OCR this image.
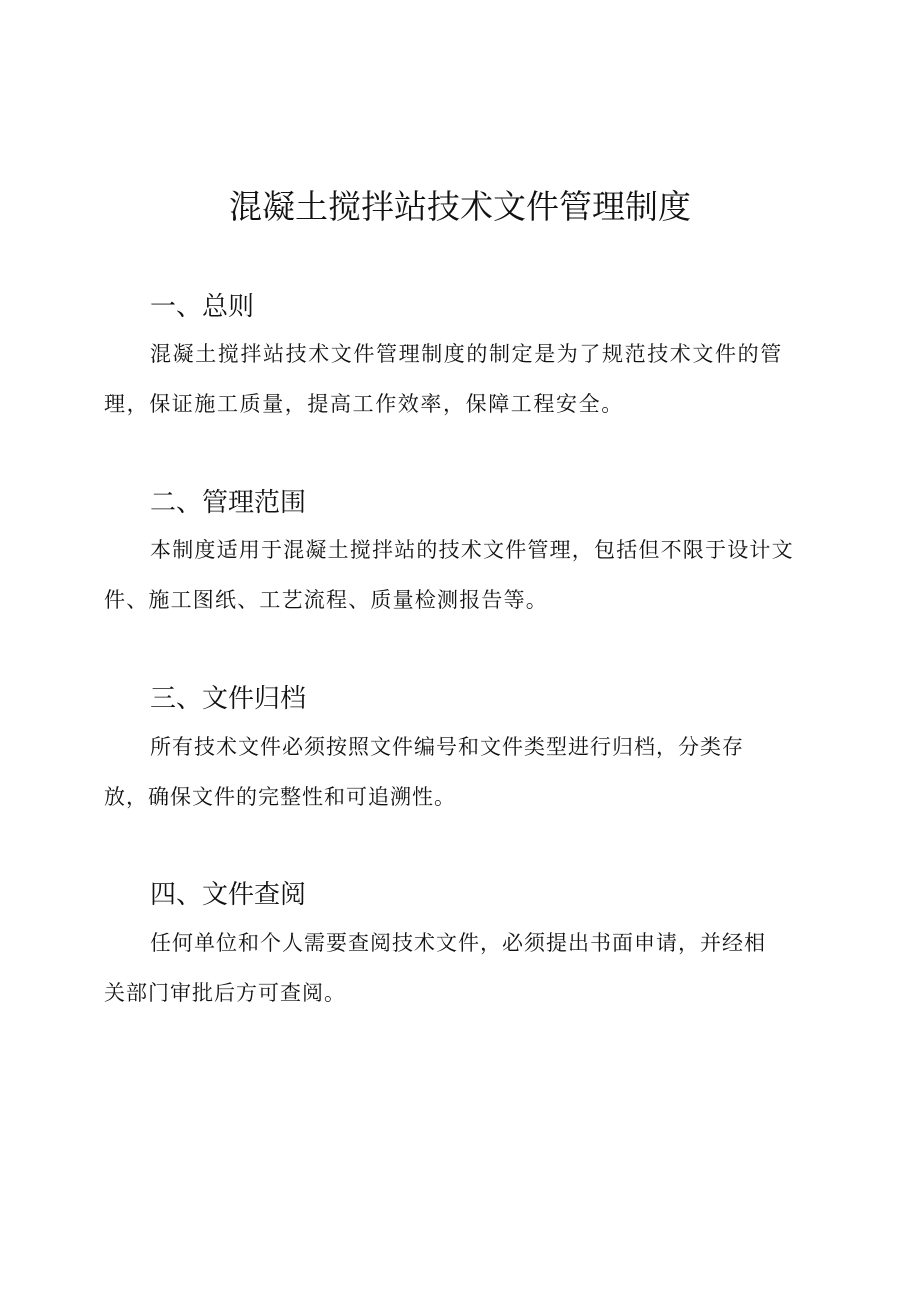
混凝土搅拌站技术文件管理制度
一、总则
混凝土搅拌站技术文件管理制度的制定是为了规范技术文件的管
理，保证施工质量，提高工作效率，保障工程安全。
二、管理范围
本制度适用于混凝土搅拌站的技术文件管理，包括但不限于设计文
件、施工图纸、工艺流程、质量检测报告等。
三、文件归档
所有技术文件必须按照文件编号和文件类型进行归档，分类存
放，确保文件的完整性和可追溯性。
四、文件查阅
任何单位和个人需要查阅技术文件，必须提出书面申请，并经相
关部门审批后方可查阅。
